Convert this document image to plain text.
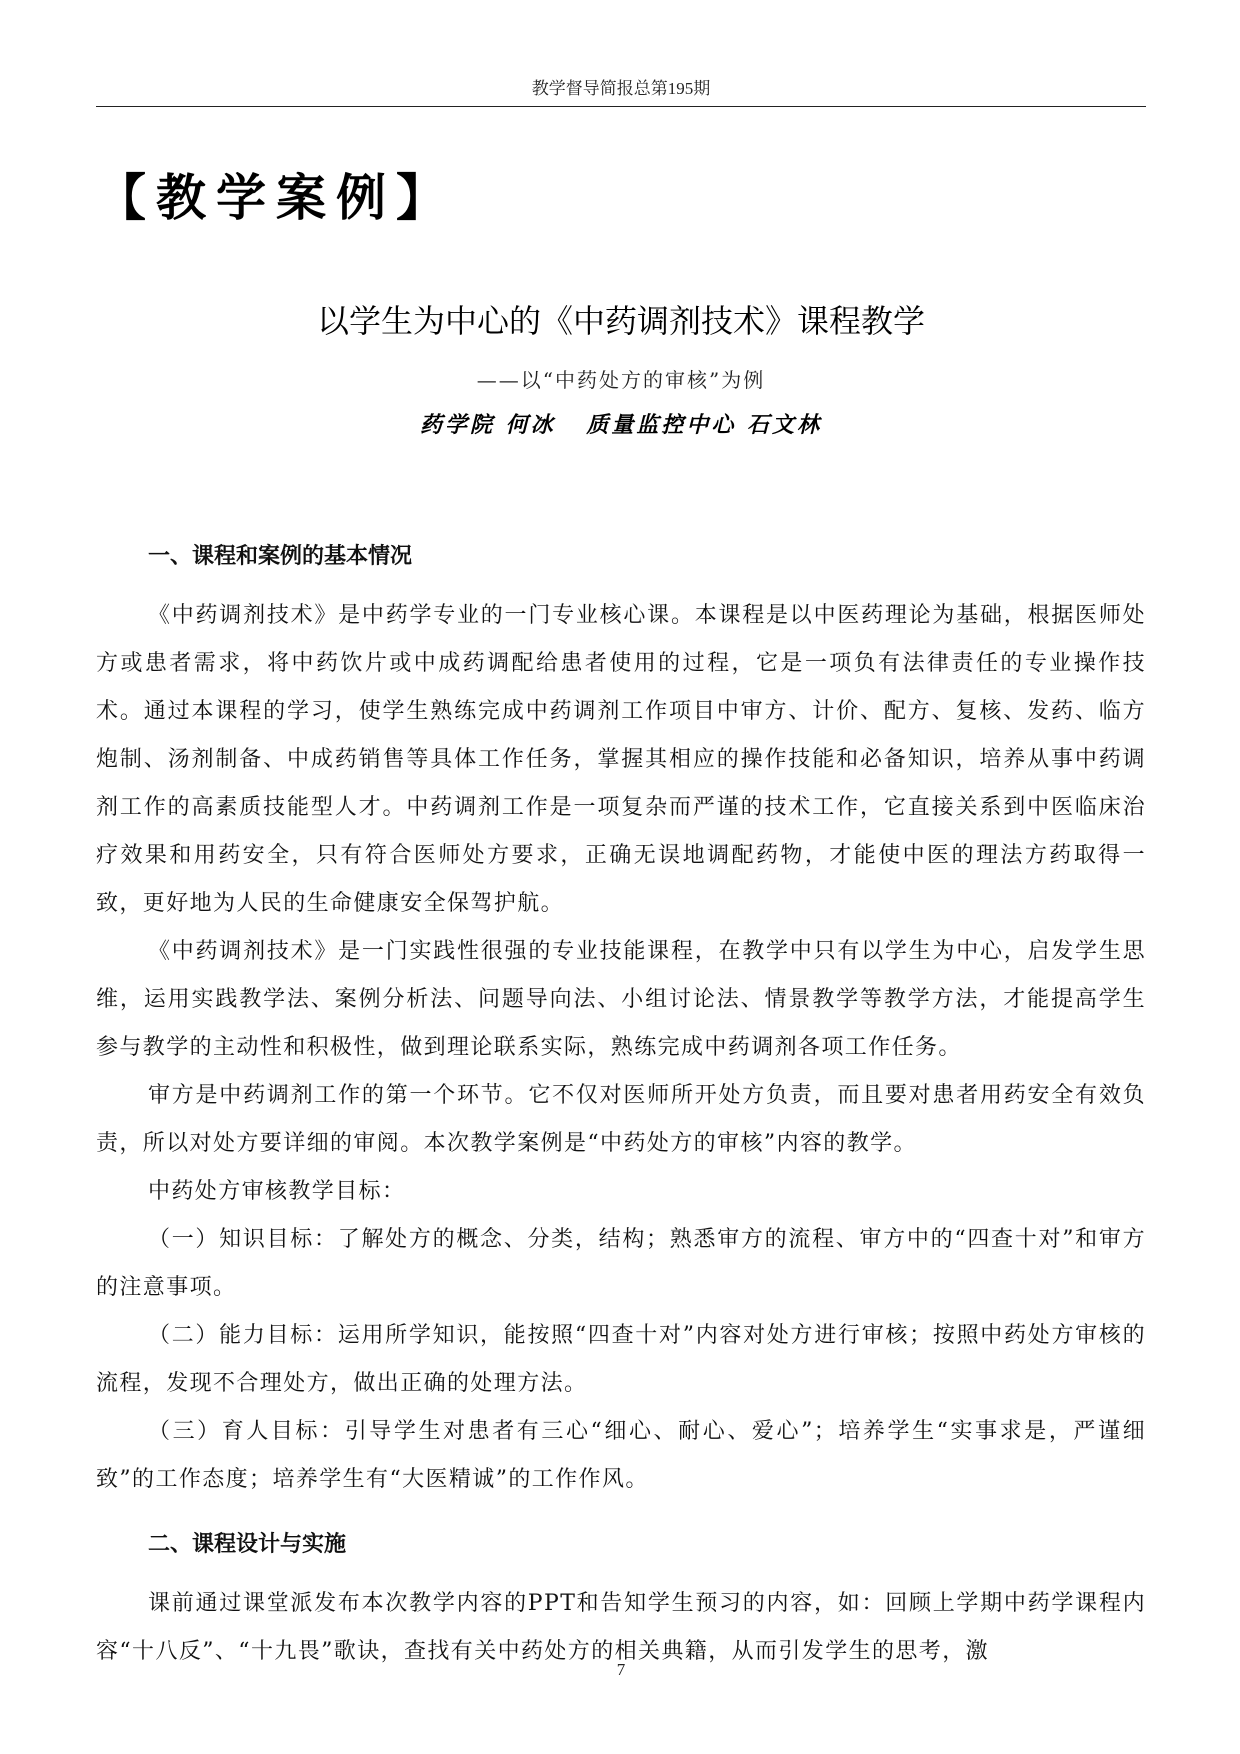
教学督导简报总第195期
【教学案例】
以学生为中心的《中药调剂技术》课程教学
——以“中药处方的审核”为例
药学院 何冰 质量监控中心 石文林
一、课程和案例的基本情况

《中药调剂技术》是中药学专业的一门专业核心课。本课程是以中医药理论为基础，根据医师处方或患者需求，将中药饮片或中成药调配给患者使用的过程，它是一项负有法律责任的专业操作技术。通过本课程的学习，使学生熟练完成中药调剂工作项目中审方、计价、配方、复核、发药、临方炮制、汤剂制备、中成药销售等具体工作任务，掌握其相应的操作技能和必备知识，培养从事中药调剂工作的高素质技能型人才。中药调剂工作是一项复杂而严谨的技术工作，它直接关系到中医临床治疗效果和用药安全，只有符合医师处方要求，正确无误地调配药物，才能使中医的理法方药取得一致，更好地为人民的生命健康安全保驾护航。

《中药调剂技术》是一门实践性很强的专业技能课程，在教学中只有以学生为中心，启发学生思维，运用实践教学法、案例分析法、问题导向法、小组讨论法、情景教学等教学方法，才能提高学生参与教学的主动性和积极性，做到理论联系实际，熟练完成中药调剂各项工作任务。

审方是中药调剂工作的第一个环节。它不仅对医师所开处方负责，而且要对患者用药安全有效负责，所以对处方要详细的审阅。本次教学案例是“中药处方的审核”内容的教学。

中药处方审核教学目标：

（一）知识目标：了解处方的概念、分类，结构；熟悉审方的流程、审方中的“四查十对”和审方的注意事项。

（二）能力目标：运用所学知识，能按照“四查十对”内容对处方进行审核；按照中药处方审核的流程，发现不合理处方，做出正确的处理方法。

（三）育人目标：引导学生对患者有三心“细心、耐心、爱心”；培养学生“实事求是，严谨细致”的工作态度；培养学生有“大医精诚”的工作作风。

二、课程设计与实施

课前通过课堂派发布本次教学内容的PPT和告知学生预习的内容，如：回顾上学期中药学课程内容“十八反”、“十九畏”歌诀，查找有关中药处方的相关典籍，从而引发学生的思考，激

7
